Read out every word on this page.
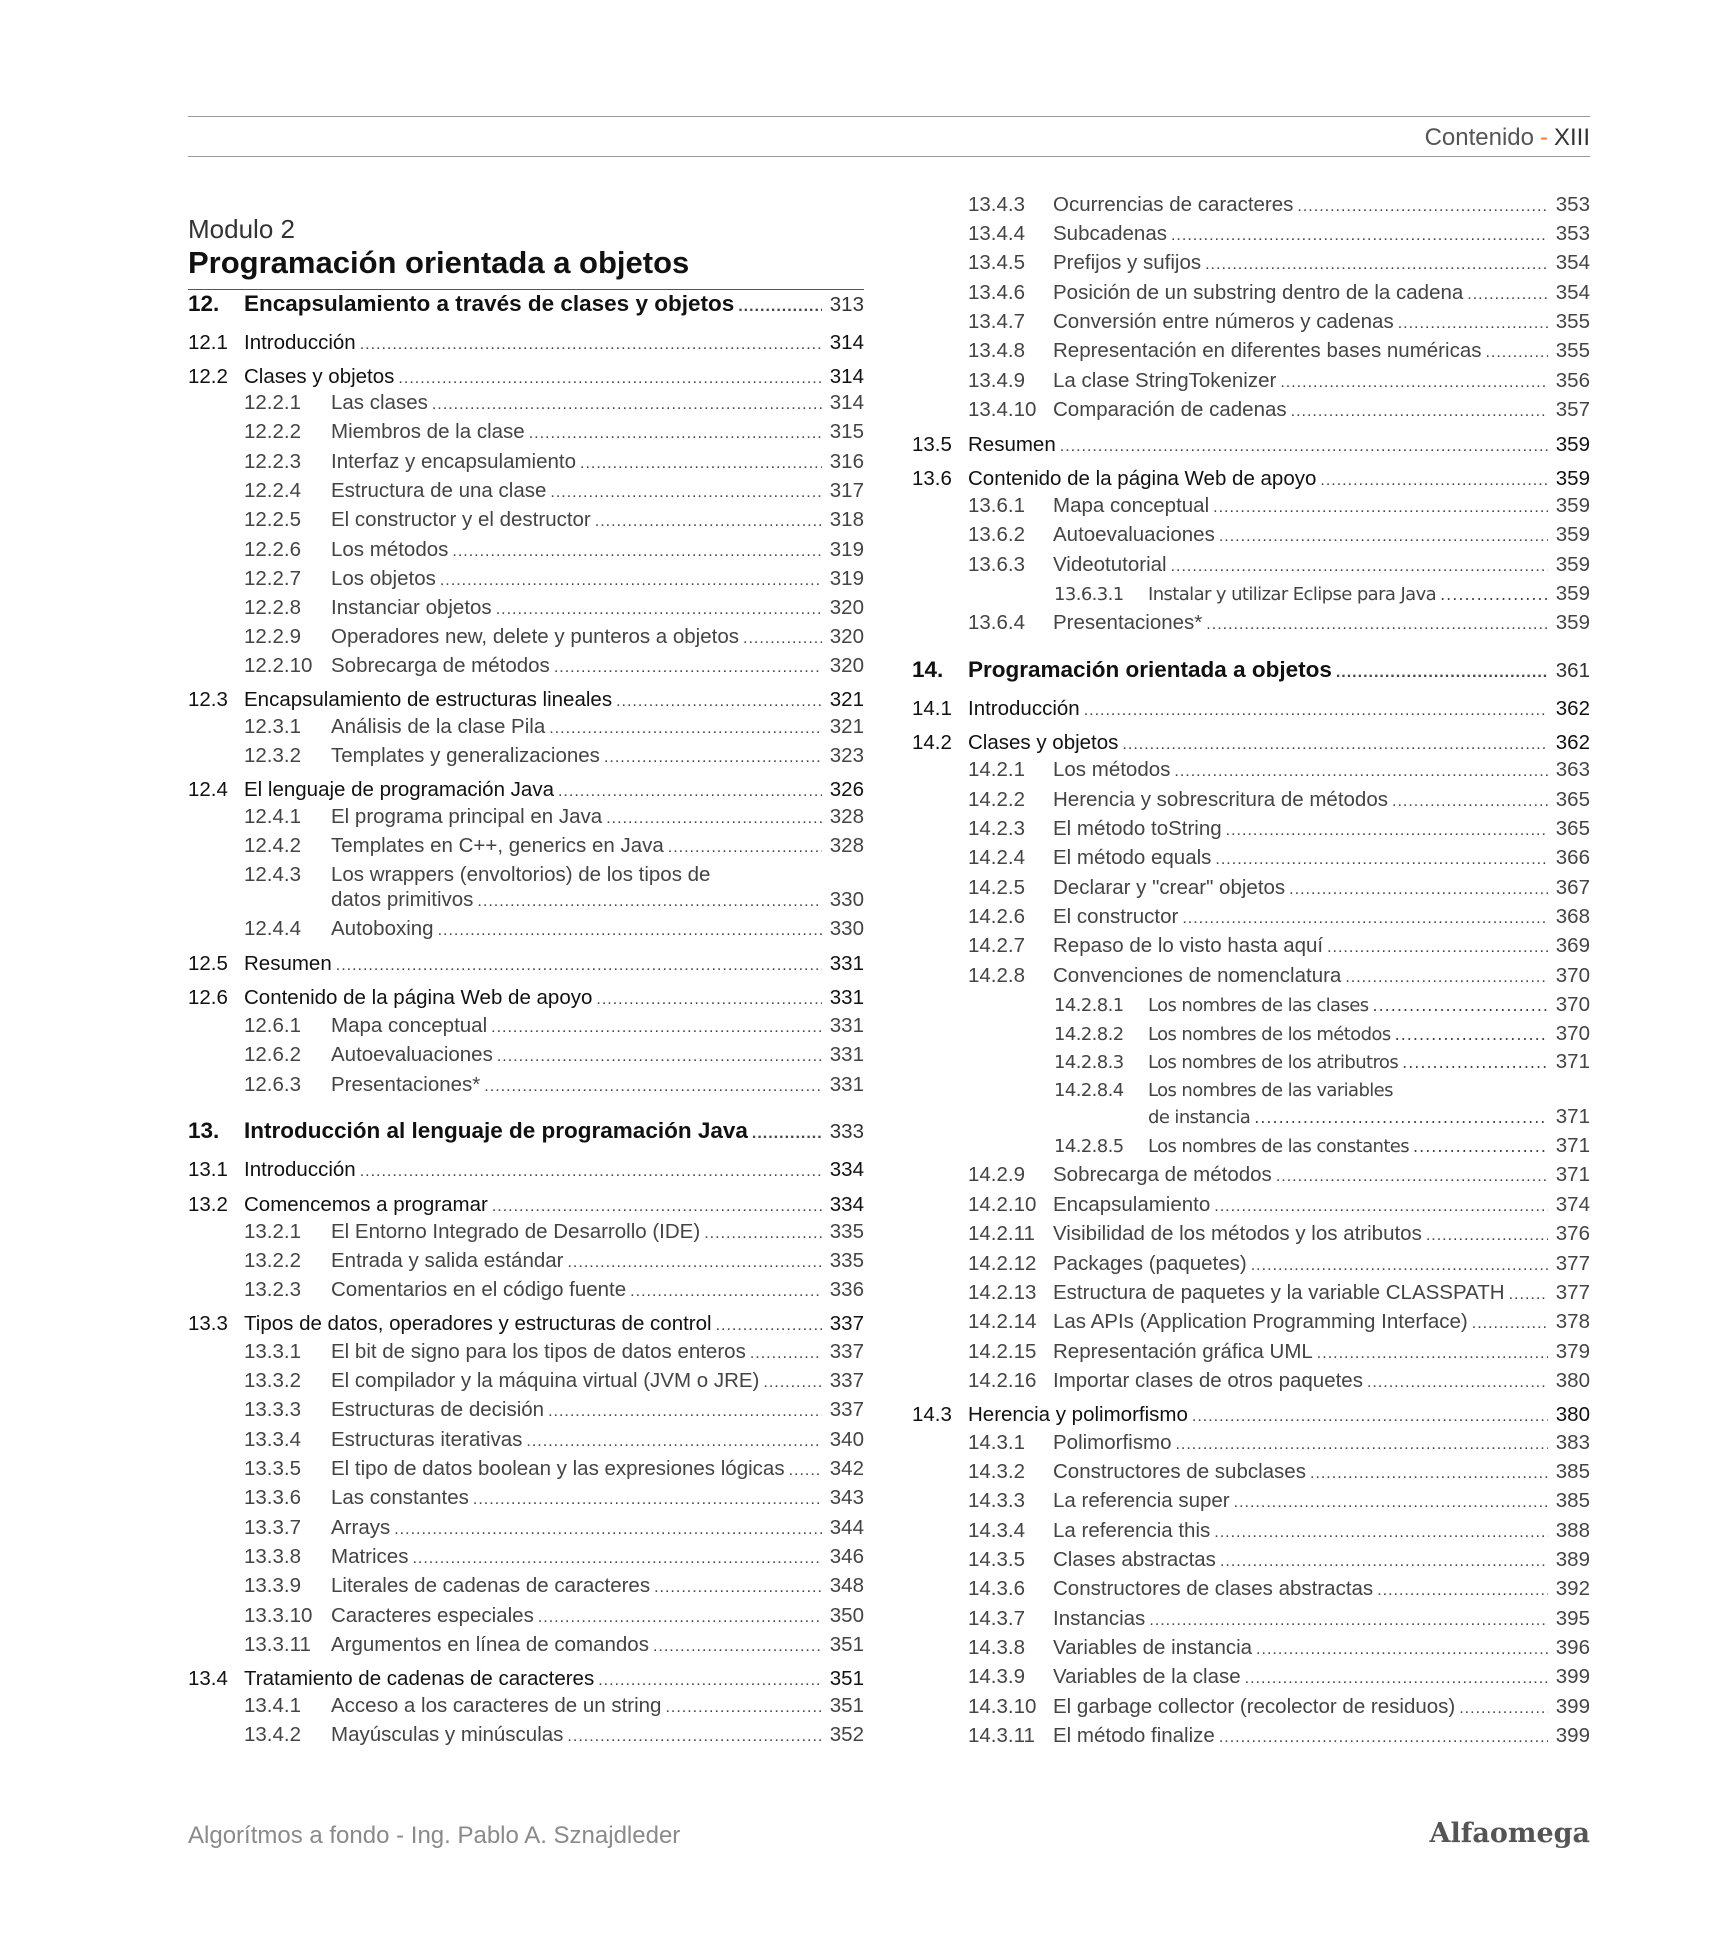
Contenido - XIII
Modulo 2
Programación orientada a objetos
12.	Encapsulamiento a través de clases y objetos .....	313
12.1 Introducción .....	314
12.2 Clases y objetos .....	314
12.2.1	Las clases .....	314
12.2.2	Miembros de la clase .....	315
12.2.3	Interfaz y encapsulamiento .....	316
12.2.4	Estructura de una clase .....	317
12.2.5	El constructor y el destructor .....	318
12.2.6	Los métodos .....	319
12.2.7	Los objetos .....	319
12.2.8	Instanciar objetos .....	320
12.2.9	Operadores new, delete y punteros a objetos .....	320
12.2.10 Sobrecarga de métodos .....	320
12.3 Encapsulamiento de estructuras lineales .....	321
12.3.1	Análisis de la clase Pila .....	321
12.3.2	Templates y generalizaciones .....	323
12.4 El lenguaje de programación Java .....	326
12.4.1	El programa principal en Java .....	328
12.4.2	Templates en C++, generics en Java .....	328
12.4.3 Los wrappers (envoltorios) de los tipos de
datos primitivos .....	330
12.4.4	Autoboxing .....	330
12.5 Resumen .....	331
12.6 Contenido de la página Web de apoyo .....	331
12.6.1	Mapa conceptual .....	331
12.6.2	Autoevaluaciones .....	331
12.6.3	Presentaciones* .....	331
13.	Introducción al lenguaje de programación Java .....	333
13.1 Introducción .....	334
13.2 Comencemos a programar .....	334
13.2.1	El Entorno Integrado de Desarrollo (IDE) .....	335
13.2.2	Entrada y salida estándar .....	335
13.2.3	Comentarios en el código fuente .....	336
13.3 Tipos de datos, operadores y estructuras de control .....	337
13.3.1	El bit de signo para los tipos de datos enteros .....	337
13.3.2	El compilador y la máquina virtual (JVM o JRE) .....	337
13.3.3	Estructuras de decisión .....	337
13.3.4	Estructuras iterativas .....	340
13.3.5	El tipo de datos boolean y las expresiones lógicas ..... 342
13.3.6	Las constantes .....	343
13.3.7	Arrays .....	344
13.3.8	Matrices .....	346
13.3.9	Literales de cadenas de caracteres .....	348
13.3.10 Caracteres especiales .....	350
13.3.11 Argumentos en línea de comandos .....	351
13.4 Tratamiento de cadenas de caracteres .....	351
13.4.1	Acceso a los caracteres de un string .....	351
13.4.2	Mayúsculas y minúsculas .....	352
13.4.3	Ocurrencias de caracteres .....	353
13.4.4	Subcadenas .....	353
13.4.5	Prefijos y sufijos .....	354
13.4.6	Posición de un substring dentro de la cadena .....	354
13.4.7	Conversión entre números y cadenas .....	355
13.4.8	Representación en diferentes bases numéricas .....	355
13.4.9	La clase StringTokenizer .....	356
13.4.10 Comparación de cadenas .....	357
13.5 Resumen .....	359
13.6 Contenido de la página Web de apoyo .....	359
13.6.1	Mapa conceptual .....	359
13.6.2	Autoevaluaciones .....	359
13.6.3	Videotutorial .....	359
13.6.3.1	Instalar y utilizar Eclipse para Java .....	359
13.6.4	Presentaciones* .....	359
14.	Programación orientada a objetos .....	361
14.1 Introducción .....	362
14.2 Clases y objetos .....	362
14.2.1	Los métodos .....	363
14.2.2	Herencia y sobrescritura de métodos .....	365
14.2.3	El método toString .....	365
14.2.4	El método equals .....	366
14.2.5	Declarar y "crear" objetos .....	367
14.2.6	El constructor .....	368
14.2.7	Repaso de lo visto hasta aquí .....	369
14.2.8	Convenciones de nomenclatura .....	370
14.2.8.1	Los nombres de las clases .....	370
14.2.8.2	Los nombres de los métodos .....	370
14.2.8.3	Los nombres de los atributros .....	371
14.2.8.4 Los nombres de las variables
de instancia .....	371
14.2.8.5	Los nombres de las constantes .....	371
14.2.9	Sobrecarga de métodos .....	371
14.2.10 Encapsulamiento .....	374
14.2.11 Visibilidad de los métodos y los atributos .....	376
14.2.12 Packages (paquetes) .....	377
14.2.13 Estructura de paquetes y la variable CLASSPATH ..... 377
14.2.14 Las APIs (Application Programming Interface) .....	378
14.2.15 Representación gráfica UML .....	379
14.2.16 Importar clases de otros paquetes .....	380
14.3 Herencia y polimorfismo .....	380
14.3.1	Polimorfismo .....	383
14.3.2	Constructores de subclases .....	385
14.3.3	La referencia super .....	385
14.3.4	La referencia this .....	388
14.3.5	Clases abstractas .....	389
14.3.6	Constructores de clases abstractas .....	392
14.3.7	Instancias .....	395
14.3.8	Variables de instancia .....	396
14.3.9	Variables de la clase .....	399
14.3.10 El garbage collector (recolector de residuos) .....	399
14.3.11 El método finalize .....	399
Algorítmos a fondo - Ing. Pablo A. Sznajdleder	Alfaomega
